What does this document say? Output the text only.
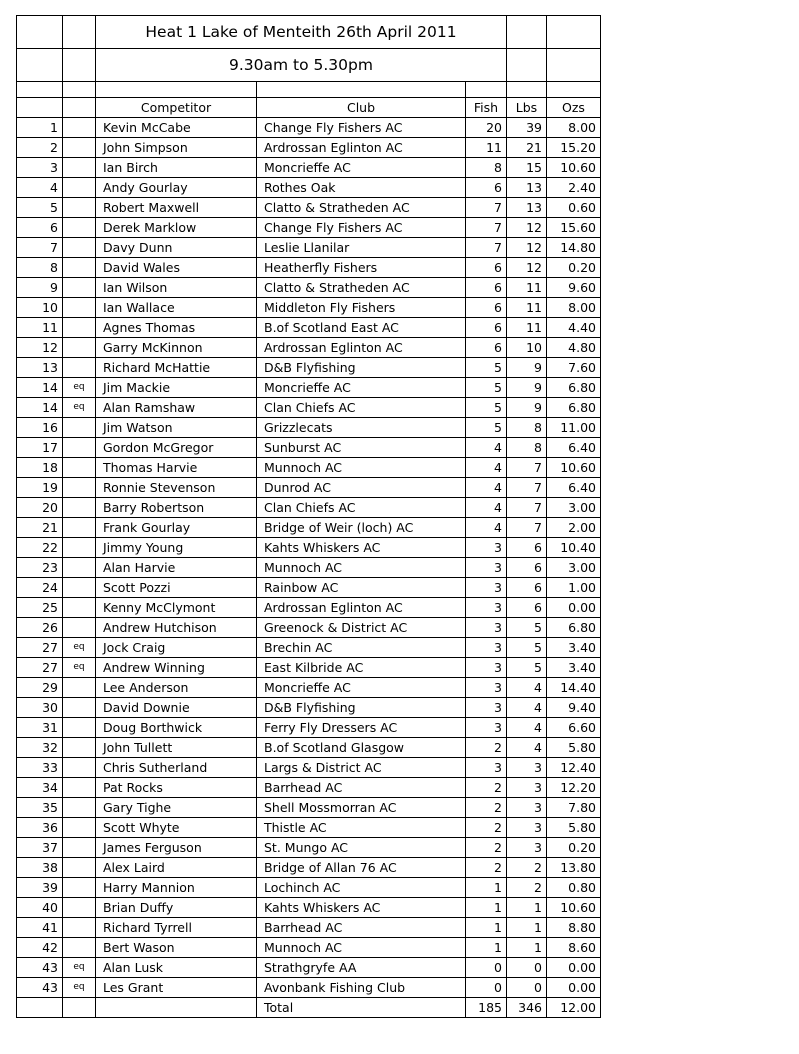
		Heat 1 Lake of Menteith 26th April 2011				
		9.30am to 5.30pm				

		Competitor	Club	Fish	Lbs	Ozs
1		Kevin McCabe	Change Fly Fishers AC	20	39	8.00
2		John Simpson	Ardrossan Eglinton AC	11	21	15.20
3		Ian Birch	Moncrieffe AC	8	15	10.60
4		Andy Gourlay	Rothes Oak	6	13	2.40
5		Robert Maxwell	Clatto & Stratheden AC	7	13	0.60
6		Derek Marklow	Change Fly Fishers AC	7	12	15.60
7		Davy Dunn	Leslie Llanilar	7	12	14.80
8		David Wales	Heatherfly Fishers	6	12	0.20
9		Ian Wilson	Clatto & Stratheden AC	6	11	9.60
10		Ian Wallace	Middleton Fly Fishers	6	11	8.00
11		Agnes Thomas	B.of Scotland East AC	6	11	4.40
12		Garry McKinnon	Ardrossan Eglinton AC	6	10	4.80
13		Richard McHattie	D&B Flyfishing	5	9	7.60
14	eq	Jim Mackie	Moncrieffe AC	5	9	6.80
14	eq	Alan Ramshaw	Clan Chiefs AC	5	9	6.80
16		Jim Watson	Grizzlecats	5	8	11.00
17		Gordon McGregor	Sunburst AC	4	8	6.40
18		Thomas Harvie	Munnoch AC	4	7	10.60
19		Ronnie Stevenson	Dunrod AC	4	7	6.40
20		Barry Robertson	Clan Chiefs AC	4	7	3.00
21		Frank Gourlay	Bridge of Weir (loch) AC	4	7	2.00
22		Jimmy Young	Kahts Whiskers AC	3	6	10.40
23		Alan Harvie	Munnoch AC	3	6	3.00
24		Scott Pozzi	Rainbow AC	3	6	1.00
25		Kenny McClymont	Ardrossan Eglinton AC	3	6	0.00
26		Andrew Hutchison	Greenock & District AC	3	5	6.80
27	eq	Jock Craig	Brechin AC	3	5	3.40
27	eq	Andrew Winning	East Kilbride AC	3	5	3.40
29		Lee Anderson	Moncrieffe AC	3	4	14.40
30		David Downie	D&B Flyfishing	3	4	9.40
31		Doug Borthwick	Ferry Fly Dressers AC	3	4	6.60
32		John Tullett	B.of Scotland Glasgow	2	4	5.80
33		Chris Sutherland	Largs & District AC	3	3	12.40
34		Pat Rocks	Barrhead AC	2	3	12.20
35		Gary Tighe	Shell Mossmorran AC	2	3	7.80
36		Scott Whyte	Thistle AC	2	3	5.80
37		James Ferguson	St. Mungo AC	2	3	0.20
38		Alex Laird	Bridge of Allan 76 AC	2	2	13.80
39		Harry Mannion	Lochinch AC	1	2	0.80
40		Brian Duffy	Kahts Whiskers AC	1	1	10.60
41		Richard Tyrrell	Barrhead AC	1	1	8.80
42		Bert Wason	Munnoch AC	1	1	8.60
43	eq	Alan Lusk	Strathgryfe AA	0	0	0.00
43	eq	Les Grant	Avonbank Fishing Club	0	0	0.00
			Total	185	346	12.00
